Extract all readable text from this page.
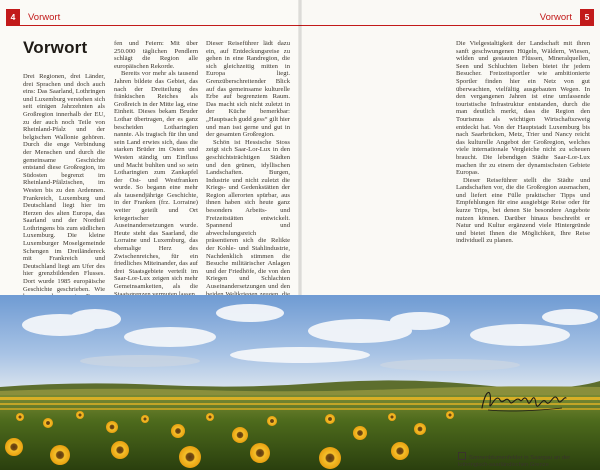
4	Vorwort
Vorwort

Drei Regionen, drei Länder, drei Sprachen und doch auch eins: Das Saarland, Lothringen und Luxemburg verstehen sich seit einigen Jahrzehnten als Großregion innerhalb der EU, zu der auch noch Teile von Rheinland-Pfalz und der belgischen Wallonie gehören. Durch die enge Verbindung der Menschen und durch die gemeinsame Geschichte entstand diese Großregion, im Südosten begrenzt im Rheinland-Pfälzischen, im Westen bis zu den Ardennen. Frankreich, Luxemburg und Deutschland liegt hier im Herzen des alten Europa, das Saarland und der Nordteil Lothringens bis zum südlichen Luxemburg. Die kleine Luxemburger Moselgemeinde Schengen im Dreiländereck mit Frankreich und Deutschland liegt am Ufer des hier grenzbildenden Flusses. Dort wurde 1985 europäische Geschichte geschrieben. Wie

fen und Feiern: Mit über 250.000 täglichen Pendlern schlägt die Region alle europäischen Rekorde.

Bereits vor mehr als tausend Jahren bildete das Gebiet, das nach der Dreiteilung des fränkischen Reiches als Großreich in der Mitte lag, eine Einheit. Dieses bekam Bruder Lothar übertragen, der es ganz bescheiden Lotharingien nannte. Als tragisch für ihn und sein Land erwies sich, dass die starken Brüder im Osten und Westen ständig um Einfluss und Macht buhlten und so sein Lotharingien zum Zankapfel der Ost- und Westfranken wurde. So begann eine mehr als tausendjährige Geschichte, in der Franken (frz. Lorraine) weiter geteilt und Ort kriegerischer Auseinandersetzungen wurde. Heute steht das Saarland, die Lorraine und Luxemburg, das ehemalige Herz des Zwischenreiches, für ein friedliches Miteinander, das auf drei Staatsgebiete verteilt im Saar-Lor-Lux zeigen sich mehr Gemeinsamkeiten, als die

Dieser Reiseführer lädt dazu ein, auf Entdeckungsreise zu gehen in eine Randregion, die sich gleichzeitig mitten in Europa liegt. Grenzüberschreitender Blick auf das gemeinsame kulturelle Erbe auf begrenztem Raum. Das macht sich nicht zuletzt in der Küche bemerkbar: „Hauptsach gudd gess“ gilt hier und man isst gerne und gut in der gesamten Großregion.

Schön ist Hessische Stoss zeigt sich Saar-Lor-Lux in den geschichtsträchtigen Städten und den grünen, idyllischen Landschaften. Burgen, Industrie und nicht zuletzt die Kriegs- und Gedenkstätten der Region allerorten spürbar, aus ihnen haben sich heute ganz besonders Arbeits- und Freizeitstätten entwickelt. Spannend und abwechslungsreich präsentieren sich die Relikte der Kohle- und Stahlindustrie, Nachdenklich stimmen die Besuche militärischer Anlagen und der Friedhöfe, die von den Kriegen und Schlachten Auseinandersetzungen und den

Vorwort	5

Die Vielgestaltigkeit der Landschaft mit ihren sanft geschwungenen Hügeln, Wäldern, Wiesen, wilden und gestauten Flüssen, Mineralquellen, Seen und Schluchten lieben bietet ihr jedem Besucher. Freizeitsportler wie ambitionierte Sportler finden hier ein Netz von gut überwachten, vielfältig ausgebauten Wegen. In den vergangenen Jahren ist eine umfassende touristische Infrastruktur entstanden, durch die man deutlich merkt, dass die Region den Tourismus als wichtigen Wirtschaftszweig entdeckt hat. Von der Hauptstadt Luxemburg bis nach Saarbrücken, Metz, Trier und Nancy reicht das kulturelle Angebot der Großregion, welches viele internationale Vergleiche nicht zu scheuen braucht. Die lebendigen Städte Saar-Lor-Lux machen ihr zu einem der dynamischsten Gebiete Europas.

Dieser Reiseführer stellt die Städte und Landschaften vor, die die Großregion ausmachen, und liefert eine Fülle praktischer Tipps und Empfehlungen für eine ausgiebige Reise oder für kurze Trips, bei denen Sie besondere Angebote nutzen können. Darüber hinaus beschreibt er Natur und Kultur ergänzend viele Hintergründe und bietet Ihnen die Möglichkeit, Ihre Reise individuell zu planen.

Sonnenblumenfelder in Saargau an der lothringisch-saarländischen Grenze
